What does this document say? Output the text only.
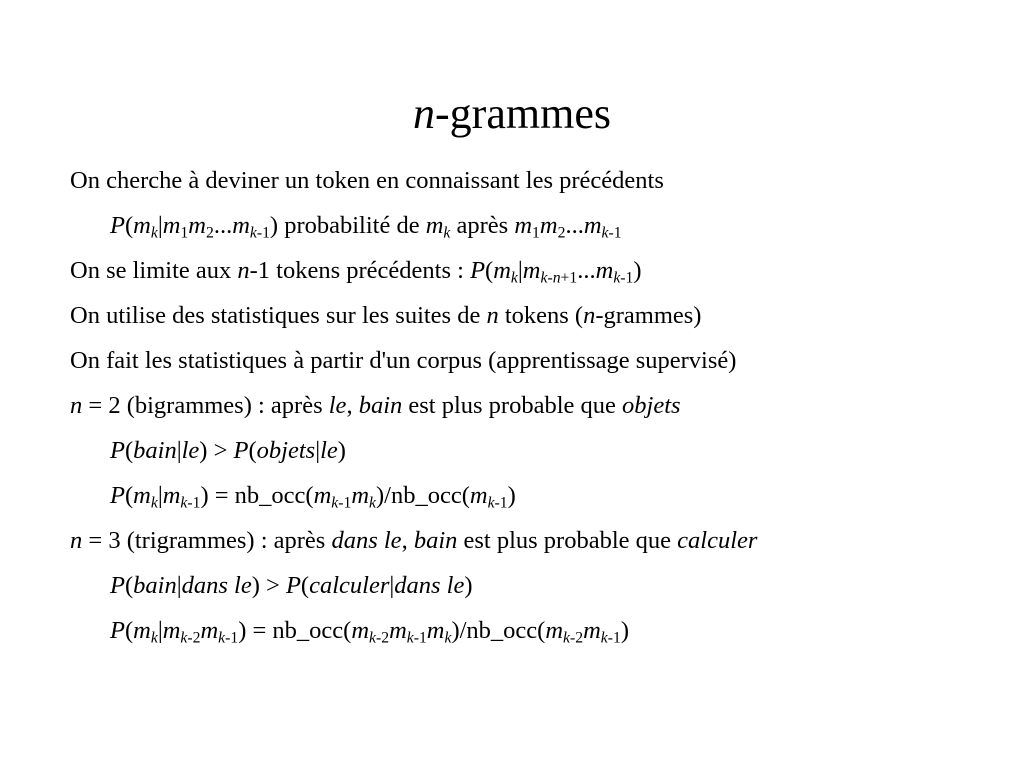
n-grammes
On cherche à deviner un token en connaissant les précédents
$P(m_k|m_1m_2...m_{k-1})$ probabilité de $m_k$ après $m_1m_2...m_{k-1}$
On se limite aux n-1 tokens précédents : $P(m_k|m_{k-n+1}...m_{k-1})$
On utilise des statistiques sur les suites de n tokens (n-grammes)
On fait les statistiques à partir d'un corpus (apprentissage supervisé)
n = 2 (bigrammes) : après le, bain est plus probable que objets
P(bain|le) > P(objets|le)
$P(m_k|m_{k-1})$ = $nb\_occ(m_{k-1}m_k)/nb\_occ(m_{k-1})$
n = 3 (trigrammes) : après dans le, bain est plus probable que calculer
P(bain|dans le) > P(calculer|dans le)
$P(m_k|m_{k-2}m_{k-1})$ = $nb\_occ(m_{k-2}m_{k-1}m_k)/nb\_occ(m_{k-2}m_{k-1})$
